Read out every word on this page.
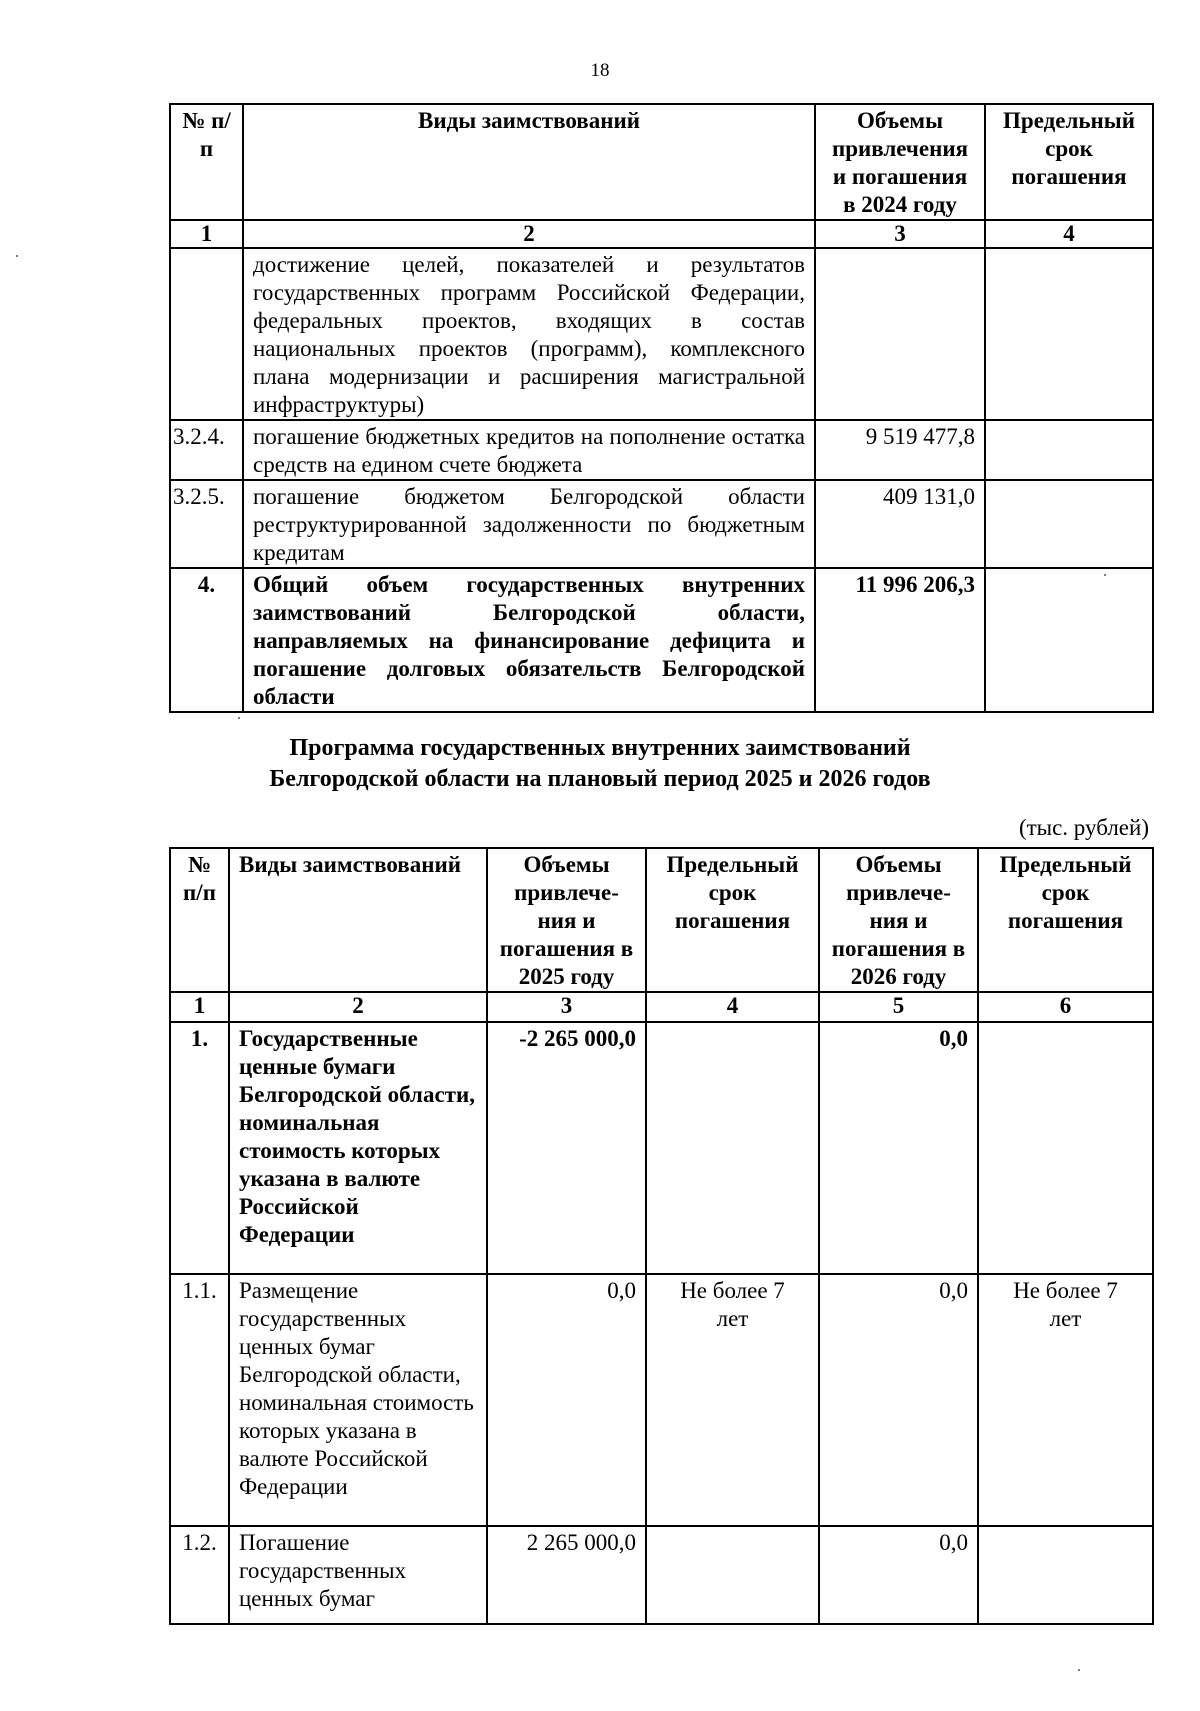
18
№ п/п	Виды заимствований	Объемы привлечения и погашения в 2024 году	Предельный срок погашения
1	2	3	4
	достижение целей, показателей и результатов государственных программ Российской Федерации, федеральных проектов, входящих в состав национальных проектов (программ), комплексного плана модернизации и расширения магистральной инфраструктуры)		
3.2.4.	погашение бюджетных кредитов на пополнение остатка средств на едином счете бюджета	9 519 477,8	
3.2.5.	погашение бюджетом Белгородской области реструктурированной задолженности по бюджетным кредитам	409 131,0	
4.	Общий объем государственных внутренних заимствований Белгородской области, направляемых на финансирование дефицита и погашение долговых обязательств Белгородской области	11 996 206,3	
Программа государственных внутренних заимствований
Белгородской области на плановый период 2025 и 2026 годов
(тыс. рублей)
№ п/п	Виды заимствований	Объемы привлече- ния и погашения в 2025 году	Предельный срок погашения	Объемы привлече- ния и погашения в 2026 году	Предельный срок погашения
1	2	3	4	5	6
1.	Государственные ценные бумаги Белгородской области, номинальная стоимость которых указана в валюте Российской Федерации	-2 265 000,0		0,0	
1.1.	Размещение государственных ценных бумаг Белгородской области, номинальная стоимость которых указана в валюте Российской Федерации	0,0	Не более 7 лет	0,0	Не более 7 лет
1.2.	Погашение государственных ценных бумаг	2 265 000,0		0,0	
